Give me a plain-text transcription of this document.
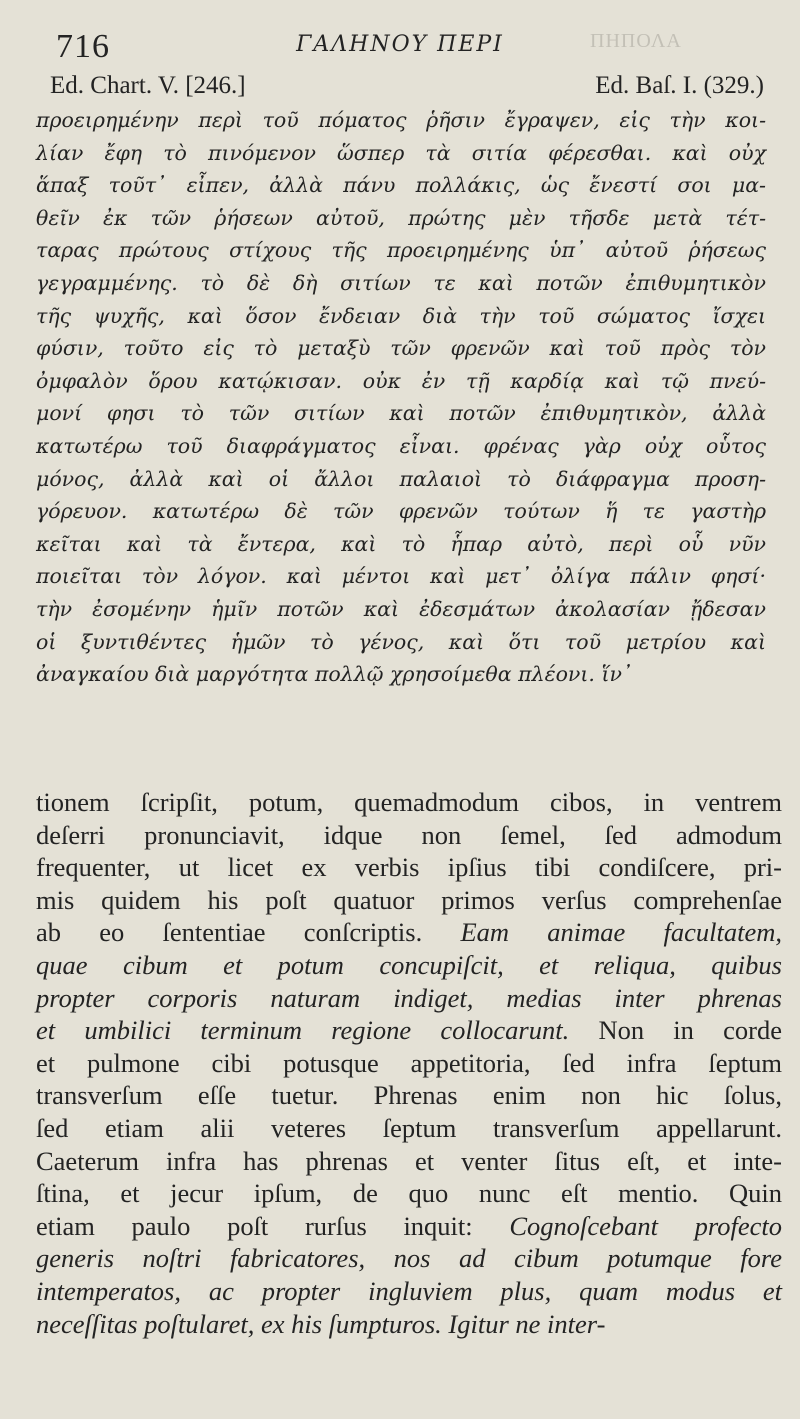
ΠΗΠΟΛΑ
716	ΓΑΛΗΝΟΥ ΠΕΡΙ
Ed. Chart. V. [246.]	Ed. Baſ. I. (329.)
προειρημένην περὶ τοῦ πόματος ῥῆσιν ἔγραψεν, εἰς τὴν κοι-
λίαν ἔφη τὸ πινόμενον ὥσπερ τὰ σιτία φέρεσθαι. καὶ οὐχ
ἅπαξ τοῦτ᾽ εἶπεν, ἀλλὰ πάνυ πολλάκις, ὡς ἔνεστί σοι μα-
θεῖν ἐκ τῶν ῥήσεων αὐτοῦ, πρώτης μὲν τῆσδε μετὰ τέτ-
ταρας πρώτους στίχους τῆς προειρημένης ὑπ᾽ αὐτοῦ ῥήσεως
γεγραμμένης. τὸ δὲ δὴ σιτίων τε καὶ ποτῶν ἐπιθυμητικὸν
τῆς ψυχῆς, καὶ ὅσον ἔνδειαν διὰ τὴν τοῦ σώματος ἴσχει
φύσιν, τοῦτο εἰς τὸ μεταξὺ τῶν φρενῶν καὶ τοῦ πρὸς τὸν
ὀμφαλὸν ὅρου κατῴκισαν. οὐκ ἐν τῇ καρδίᾳ καὶ τῷ πνεύ-
μονί φησι τὸ τῶν σιτίων καὶ ποτῶν ἐπιθυμητικὸν, ἀλλὰ
κατωτέρω τοῦ διαφράγματος εἶναι. φρένας γὰρ οὐχ οὗτος
μόνος, ἀλλὰ καὶ οἱ ἄλλοι παλαιοὶ τὸ διάφραγμα προση-
γόρευον. κατωτέρω δὲ τῶν φρενῶν τούτων ἥ τε γαστὴρ
κεῖται καὶ τὰ ἔντερα, καὶ τὸ ἧπαρ αὐτὸ, περὶ οὗ νῦν
ποιεῖται τὸν λόγον. καὶ μέντοι καὶ μετ᾽ ὀλίγα πάλιν φησί·
τὴν ἐσομένην ἡμῖν ποτῶν καὶ ἐδεσμάτων ἀκολασίαν ᾔδεσαν
οἱ ξυντιθέντες ἡμῶν τὸ γένος, καὶ ὅτι τοῦ μετρίου καὶ
ἀναγκαίου διὰ μαργότητα πολλῷ χρησοίμεθα πλέονι. ἵν᾽
tionem ſcripſit, potum, quemadmodum cibos, in ventrem
deſerri pronunciavit, idque non ſemel, ſed admodum
frequenter, ut licet ex verbis ipſius tibi condiſcere, pri-
mis quidem his poſt quatuor primos verſus comprehenſae
ab eo ſententiae conſcriptis. Eam animae facultatem,
quae cibum et potum concupiſcit, et reliqua, quibus
propter corporis naturam indiget, medias inter phrenas
et umbilici terminum regione collocarunt. Non in corde
et pulmone cibi potusque appetitoria, ſed infra ſeptum
transverſum eſſe tuetur. Phrenas enim non hic ſolus,
ſed etiam alii veteres ſeptum transverſum appellarunt.
Caeterum infra has phrenas et venter ſitus eſt, et inte-
ſtina, et jecur ipſum, de quo nunc eſt mentio. Quin
etiam paulo poſt rurſus inquit: Cognoſcebant profecto
generis noſtri fabricatores, nos ad cibum potumque fore
intemperatos, ac propter ingluviem plus, quam modus et
neceſſitas poſtularet, ex his ſumpturos. Igitur ne inter-
